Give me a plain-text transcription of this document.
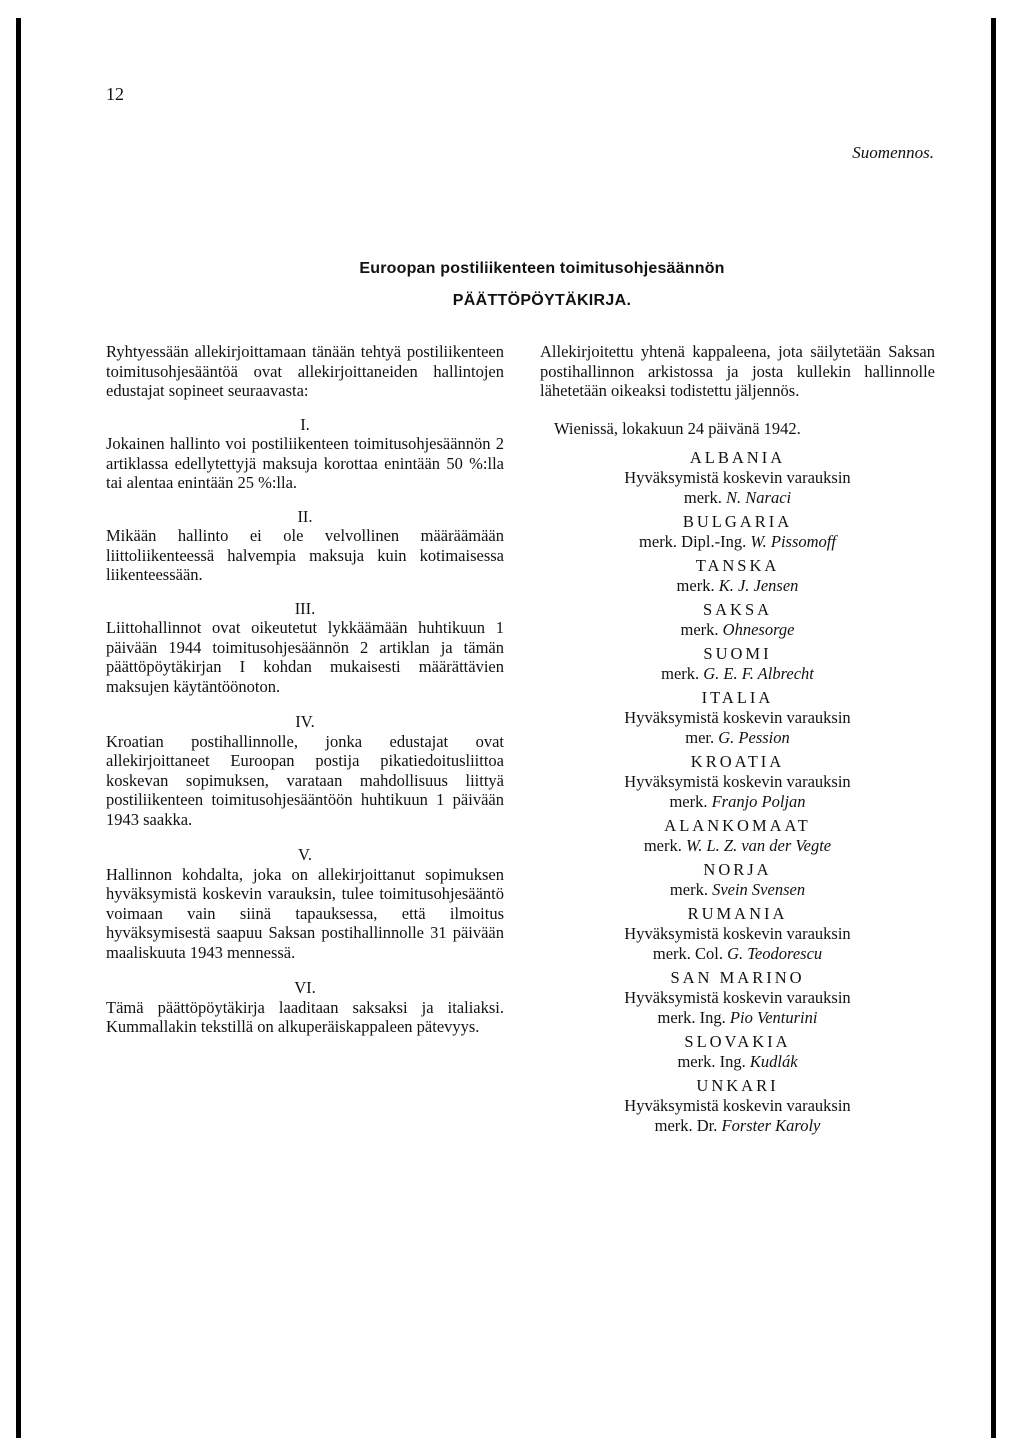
12
Suomennos.
Euroopan postiliikenteen toimitusohjesäännön
PÄÄTTÖPÖYTÄKIRJA.

Ryhtyessään allekirjoittamaan tänään tehtyä postiliikenteen toimitusohjesääntöä ovat allekirjoittaneiden hallintojen edustajat sopineet seuraavasta:

I.

Jokainen hallinto voi postiliikenteen toimitusohjesäännön 2 artiklassa edellytettyjä maksuja korottaa enintään 50 %:lla tai alentaa enintään 25 %:lla.

II.

Mikään hallinto ei ole velvollinen määräämään liittoliikenteessä halvempia maksuja kuin kotimaisessa liikenteessään.

III.

Liittohallinnot ovat oikeutetut lykkäämään huhtikuun 1 päivään 1944 toimitusohjesäännön 2 artiklan ja tämän päättöpöytäkirjan I kohdan mukaisesti määrättävien maksujen käytäntöönoton.

IV.

Kroatian postihallinnolle, jonka edustajat ovat allekirjoittaneet Euroopan postija pikatiedoitusliittoa koskevan sopimuksen, varataan mahdollisuus liittyä postiliikenteen toimitusohjesääntöön huhtikuun 1 päivään 1943 saakka.

V.

Hallinnon kohdalta, joka on allekirjoittanut sopimuksen hyväksymistä koskevin varauksin, tulee toimitusohjesääntö voimaan vain siinä tapauksessa, että ilmoitus hyväksymisestä saapuu Saksan postihallinnolle 31 päivään maaliskuuta 1943 mennessä.

VI.

Tämä päättöpöytäkirja laaditaan saksaksi ja italiaksi. Kummallakin tekstillä on alkuperäiskappaleen pätevyys.

Allekirjoitettu yhtenä kappaleena, jota säilytetään Saksan postihallinnon arkistossa ja josta kullekin hallinnolle lähetetään oikeaksi todistettu jäljennös.

Wienissä, lokakuun 24 päivänä 1942.

ALBANIA
Hyväksymistä koskevin varauksin
merk. N. Naraci
BULGARIA
merk. Dipl.-Ing. W. Pissomoff
TANSKA
merk. K. J. Jensen
SAKSA
merk. Ohnesorge
SUOMI
merk. G. E. F. Albrecht
ITALIA
Hyväksymistä koskevin varauksin
mer. G. Pession
KROATIA
Hyväksymistä koskevin varauksin
merk. Franjo Poljan
ALANKOMAAT
merk. W. L. Z. van der Vegte
NORJA
merk. Svein Svensen
RUMANIA
Hyväksymistä koskevin varauksin
merk. Col. G. Teodorescu
SAN MARINO
Hyväksymistä koskevin varauksin
merk. Ing. Pio Venturini
SLOVAKIA
merk. Ing. Kudlák
UNKARI
Hyväksymistä koskevin varauksin
merk. Dr. Forster Karoly
